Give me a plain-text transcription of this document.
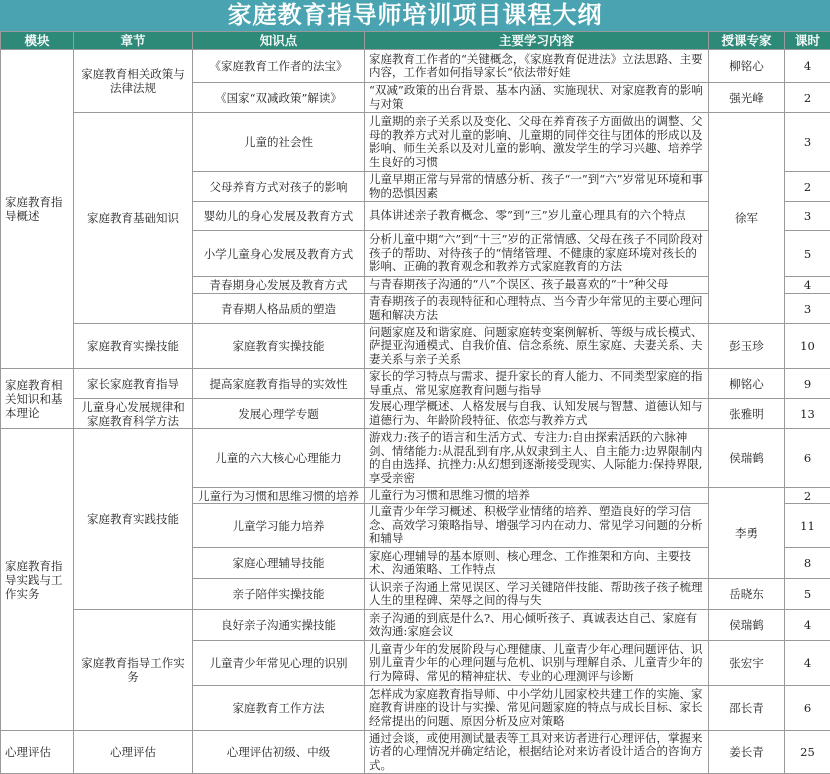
家庭教育指导师培训项目课程大纲
模块	章节	知识点	主要学习内容	授课专家	课时
家庭教育指导概述	家庭教育相关政策与法律法规	《家庭教育工作者的法宝》	家庭教育工作者的“关键概念，《家庭教育促进法》立法思路、主要内容，工作者如何指导家长“依法带好娃	柳铭心	4
		《国家“双减政策”解读》	“双减”政策的出台背景、基本内涵、实施现状、对家庭教育的影响与对策	强光峰	2
	家庭教育基础知识	儿童的社会性	儿童期的亲子关系以及变化、父母在养育孩子方面做出的调整、父母的教养方式对儿童的影响、儿童期的同伴交往与团体的形成以及影响、师生关系以及对儿童的影响、激发学生的学习兴趣、培养学生良好的习惯	徐军	3
		父母养育方式对孩子的影响	儿童早期正常与异常的情感分析、孩子“一”到“六”岁常见环境和事物的恐惧因素		2
		婴幼儿的身心发展及教育方式	具体讲述亲子教育概念、零”到“三”岁儿童心理具有的六个特点		3
		小学儿童身心发展及教育方式	分析儿童中期“六”到“十三”岁的正常情感、父母在孩子不同阶段对孩子的帮助、对待孩子的“情绪管理、不健康的家庭环境对孩长的影响、正确的教育观念和教养方式家庭教育的方法		5
		青春期身心发展及教育方式	与青春期孩子沟通的“八”个误区、孩子最喜欢的“十”种父母		4
		青春期人格品质的塑造	青春期孩子的表现特征和心理特点、当今青少年常见的主要心理问题和解决方法		3
	家庭教育实操技能	家庭教育实操技能	问题家庭及和谐家庭、问题家庭转变案例解析、等级与成长模式、萨提亚沟通模式、自我价值、信念系统、原生家庭、夫妻关系、夫妻关系与亲子关系	彭玉珍	10
家庭教育相关知识和基本理论	家长家庭教育指导	提高家庭教育指导的实效性	家长的学习特点与需求、提升家长的育人能力、不同类型家庭的指导重点、常见家庭教育问题与指导	柳铭心	9
	儿童身心发展规律和家庭教育科学方法	发展心理学专题	发展心理学概述、人格发展与自我、认知发展与智慧、道德认知与道德行为、年龄阶段特征、依恋与教养方式	张雅明	13
家庭教育指导实践与工作实务	家庭教育实践技能	儿童的六大核心心理能力	游戏力:孩子的语言和生活方式、专注力:自由探索活跃的六脉神剑、情绪能力:从混乱到有序,从奴隶到主人、自主能力:边界限制内的自由选择、抗挫力:从幻想到逐渐接受现实、人际能力:保持界限,享受亲密	侯瑞鹤	6
		儿童行为习惯和思维习惯的培养	儿童行为习惯和思维习惯的培养	李勇	2
		儿童学习能力培养	儿童青少年学习概述、积极学业情绪的培养、塑造良好的学习信念、高效学习策略指导、增强学习内在动力、常见学习问题的分析和辅导		11
		家庭心理辅导技能	家庭心理辅导的基本原则、核心理念、工作推架和方向、主要技术、沟通策略、工作特点		8
		亲子陪伴实操技能	认识亲子沟通上常见误区、学习关键陪伴技能、帮助孩子孩子梳理人生的里程碑、荣辱之间的得与失	岳晓东	5
	家庭教育指导工作实务	良好亲子沟通实操技能	亲子沟通的到底是什么?、用心倾听孩子、真诚表达自己、家庭有效沟通:家庭会议	侯瑞鹤	4
		儿童青少年常见心理的识别	儿童青少年的发展阶段与心理健康、儿童青少年心理问题评估、识别儿童青少年的心理问题与危机、识别与理解自杀、儿童青少年的行为障碍、常见的精神症状、专业的心理测评与诊断	张宏宇	4
		家庭教育工作方法	怎样成为家庭教育指导师、中小学幼儿园家校共建工作的实施、家庭教育讲座的设计与实操、常见问题家庭的特点与成长目标、家长经常提出的问题、原因分析及应对策略	邵长青	6
心理评估	心理评估	心理评估初级、中级	通过会谈，或使用测试量表等工具对来访者进行心理评估，掌握来访者的心理情况并确定结论，根据结论对来访者设计适合的咨询方式。	姜长青	25
